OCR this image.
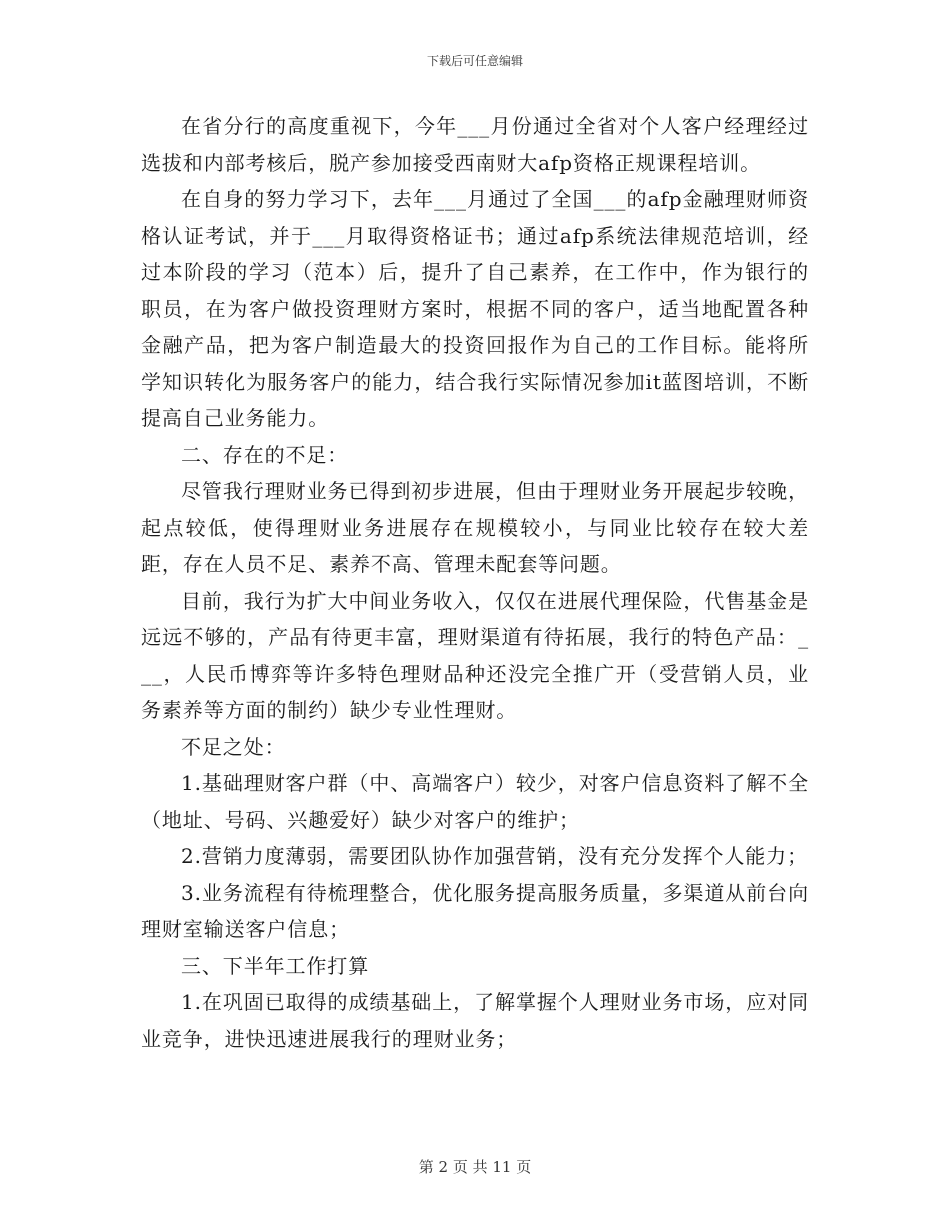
下载后可任意编辑

在省分行的高度重视下，今年___月份通过全省对个人客户经理经过选拔和内部考核后，脱产参加接受西南财大afp资格正规课程培训。

在自身的努力学习下，去年___月通过了全国___的afp金融理财师资格认证考试，并于___月取得资格证书；通过afp系统法律规范培训，经过本阶段的学习（范本）后，提升了自己素养，在工作中，作为银行的职员，在为客户做投资理财方案时，根据不同的客户，适当地配置各种金融产品，把为客户制造最大的投资回报作为自己的工作目标。能将所学知识转化为服务客户的能力，结合我行实际情况参加it蓝图培训，不断提高自己业务能力。

二、存在的不足：

尽管我行理财业务已得到初步进展，但由于理财业务开展起步较晚，起点较低，使得理财业务进展存在规模较小，与同业比较存在较大差距，存在人员不足、素养不高、管理未配套等问题。

目前，我行为扩大中间业务收入，仅仅在进展代理保险，代售基金是远远不够的，产品有待更丰富，理财渠道有待拓展，我行的特色产品：___，人民币博弈等许多特色理财品种还没完全推广开（受营销人员，业务素养等方面的制约）缺少专业性理财。

不足之处：

1.基础理财客户群（中、高端客户）较少，对客户信息资料了解不全（地址、号码、兴趣爱好）缺少对客户的维护；

2.营销力度薄弱，需要团队协作加强营销，没有充分发挥个人能力；

3.业务流程有待梳理整合，优化服务提高服务质量，多渠道从前台向理财室输送客户信息；

三、下半年工作打算

1.在巩固已取得的成绩基础上，了解掌握个人理财业务市场，应对同业竞争，进快迅速进展我行的理财业务；

第 2 页 共 11 页
